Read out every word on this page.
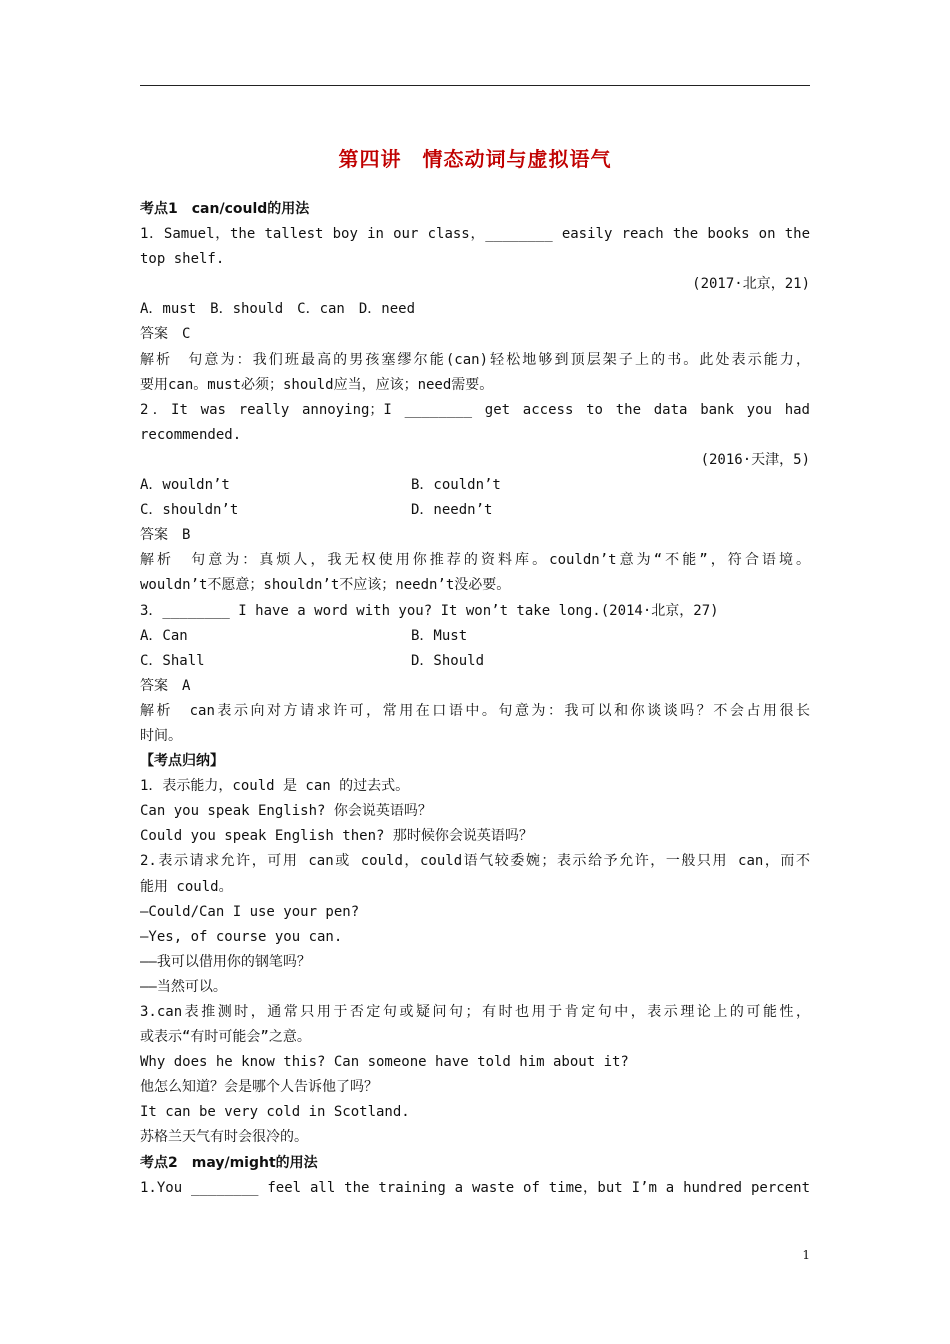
第四讲　情态动词与虚拟语气
考点1　can/could的用法
1．Samuel，the tallest boy in our class，________ easily reach the books on the
top shelf.
(2017·北京，21)
A．must　B．should　C．can　D．need
答案　C
解析　句意为：我们班最高的男孩塞缪尔能(can)轻松地够到顶层架子上的书。此处表示能力，
要用can。must必须；should应当，应该；need需要。
2．It was really annoying；I ________ get access to the data bank you had
recommended.
(2016·天津，5)
A．wouldn’t	B．couldn’t
C．shouldn’t	D．needn’t
答案　B
解析　句意为：真烦人，我无权使用你推荐的资料库。couldn’t意为“不能”，符合语境。
wouldn’t不愿意；shouldn’t不应该；needn’t没必要。
3．________ I have a word with you? It won’t take long.(2014·北京，27)
A．Can	B．Must
C．Shall	D．Should
答案　A
解析　can表示向对方请求许可，常用在口语中。句意为：我可以和你谈谈吗？不会占用很长
时间。
【考点归纳】
1．表示能力，could 是 can 的过去式。
Can you speak English? 你会说英语吗？
Could you speak English then? 那时候你会说英语吗？
2.表示请求允许，可用 can或 could，could语气较委婉；表示给予允许，一般只用 can，而不
能用 could。
—Could/Can I use your pen?
—Yes, of course you can.
——我可以借用你的钢笔吗？
——当然可以。
3.can表推测时，通常只用于否定句或疑问句；有时也用于肯定句中，表示理论上的可能性，
或表示“有时可能会”之意。
Why does he know this? Can someone have told him about it?
他怎么知道？会是哪个人告诉他了吗？
It can be very cold in Scotland.
苏格兰天气有时会很冷的。
考点2　may/might的用法
1.You ________ feel all the training a waste of time，but I’m a hundred percent
1
